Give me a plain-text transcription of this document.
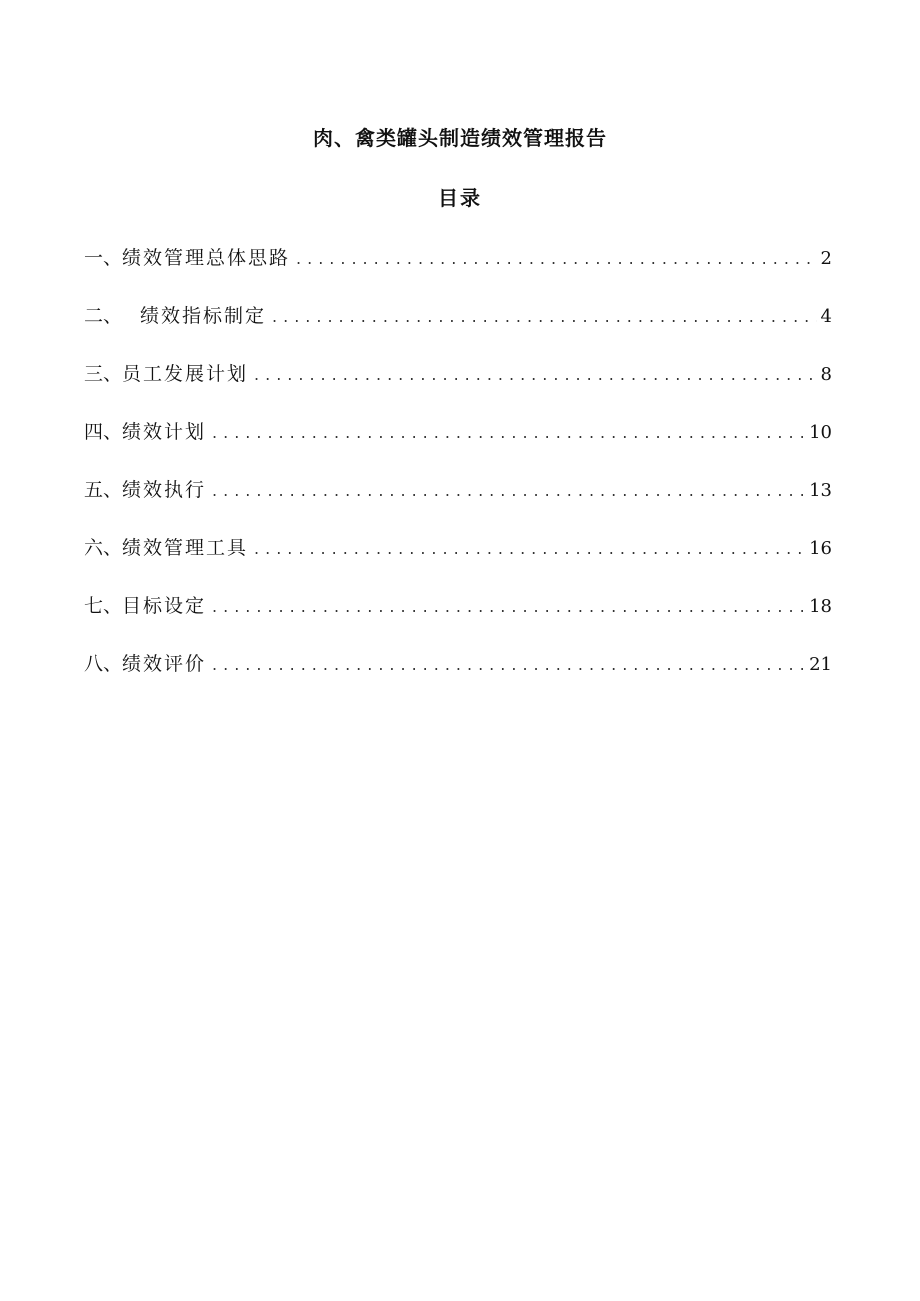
肉、禽类罐头制造绩效管理报告
目录
一、 绩效管理总体思路 .....	2
二、 绩效指标制定 .....	4
三、 员工发展计划 .....	8
四、 绩效计划 .....	10
五、 绩效执行 .....	13
六、 绩效管理工具 .....	16
七、 目标设定 .....	18
八、 绩效评价 .....	21
